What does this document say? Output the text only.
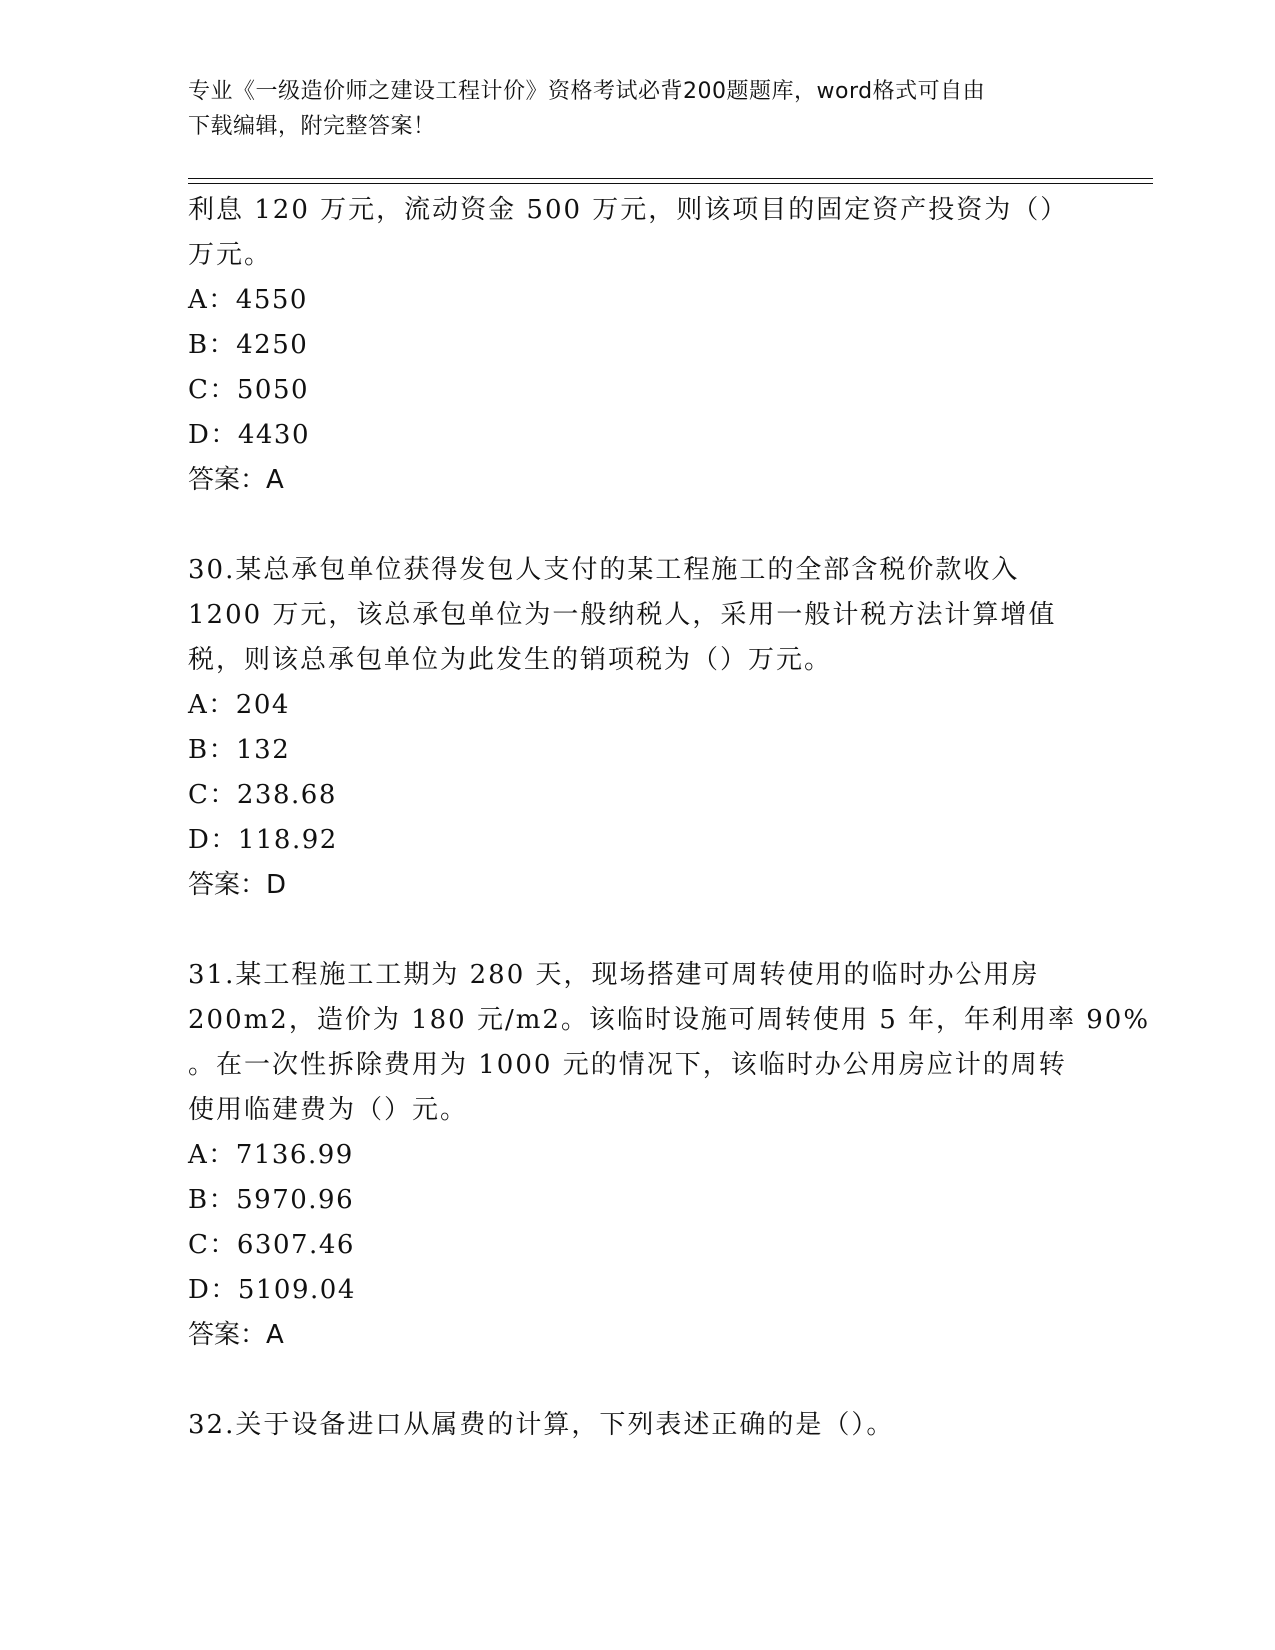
专业《一级造价师之建设工程计价》资格考试必背200题题库，word格式可自由
下载编辑，附完整答案！
利息 120 万元，流动资金 500 万元，则该项目的固定资产投资为（）
万元。
A：4550
B：4250
C：5050
D：4430
答案：A
30.某总承包单位获得发包人支付的某工程施工的全部含税价款收入
1200 万元，该总承包单位为一般纳税人，采用一般计税方法计算增值
税，则该总承包单位为此发生的销项税为（）万元。
A：204
B：132
C：238.68
D：118.92
答案：D
31.某工程施工工期为 280 天，现场搭建可周转使用的临时办公用房
200m2，造价为 180 元/m2。该临时设施可周转使用 5 年，年利用率 90%
。在一次性拆除费用为 1000 元的情况下，该临时办公用房应计的周转
使用临建费为（）元。
A：7136.99
B：5970.96
C：6307.46
D：5109.04
答案：A
32.关于设备进口从属费的计算，下列表述正确的是（）。
